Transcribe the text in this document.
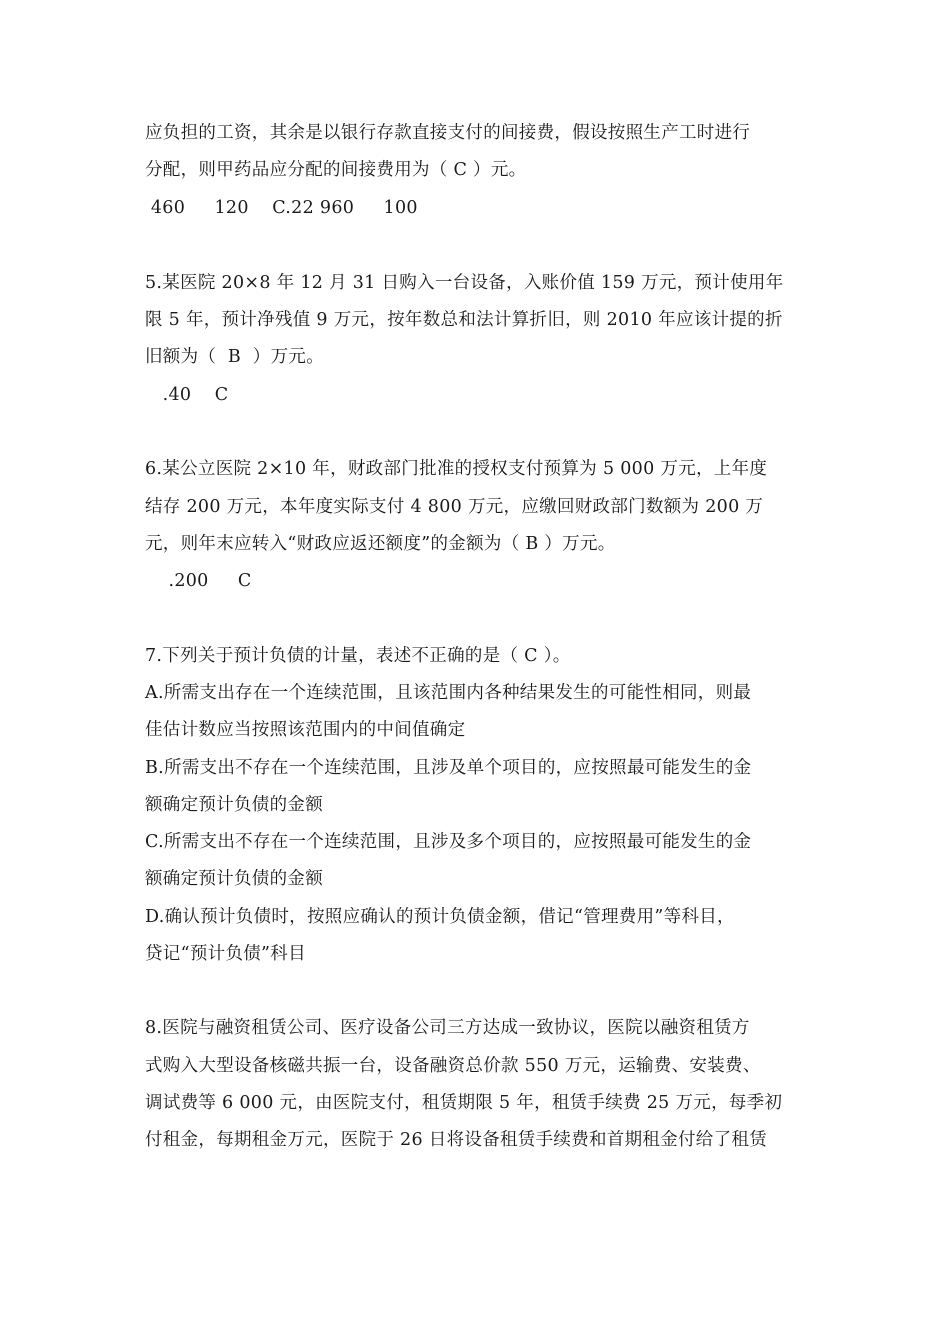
应负担的工资，其余是以银行存款直接支付的间接费，假设按照生产工时进行
分配，则甲药品应分配的间接费用为（ C ）元。
460     120    C.22 960     100
5.某医院 20×8 年 12 月 31 日购入一台设备，入账价值 159 万元，预计使用年
限 5 年，预计净残值 9 万元，按年数总和法计算折旧，则 2010 年应该计提的折
旧额为（  B  ）万元。
.40    C
6.某公立医院 2×10 年，财政部门批准的授权支付预算为 5 000 万元，上年度
结存 200 万元，本年度实际支付 4 800 万元，应缴回财政部门数额为 200 万
元，则年末应转入“财政应返还额度”的金额为（ B ）万元。
.200     C
7.下列关于预计负债的计量，表述不正确的是（ C ）。
A.所需支出存在一个连续范围，且该范围内各种结果发生的可能性相同，则最
佳估计数应当按照该范围内的中间值确定
B.所需支出不存在一个连续范围，且涉及单个项目的，应按照最可能发生的金
额确定预计负债的金额
C.所需支出不存在一个连续范围，且涉及多个项目的，应按照最可能发生的金
额确定预计负债的金额
D.确认预计负债时，按照应确认的预计负债金额，借记“管理费用”等科目，
贷记“预计负债”科目
8.医院与融资租赁公司、医疗设备公司三方达成一致协议，医院以融资租赁方
式购入大型设备核磁共振一台，设备融资总价款 550 万元，运输费、安装费、
调试费等 6 000 元，由医院支付，租赁期限 5 年，租赁手续费 25 万元，每季初
付租金，每期租金万元，医院于 26 日将设备租赁手续费和首期租金付给了租赁
